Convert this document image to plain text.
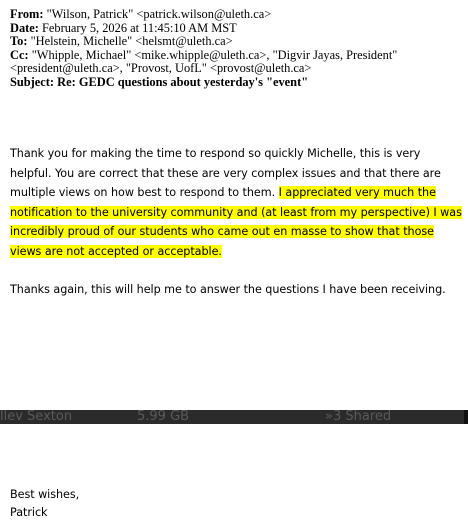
From: "Wilson, Patrick" <patrick.wilson@uleth.ca>
Date: February 5, 2026 at 11:45:10 AM MST
To: "Helstein, Michelle" <helsmt@uleth.ca>
Cc: "Whipple, Michael" <mike.whipple@uleth.ca>, "Digvir Jayas, President" <president@uleth.ca>, "Provost, UofL" <provost@uleth.ca>
Subject: Re: GEDC questions about yesterday's "event"

Thank you for making the time to respond so quickly Michelle, this is very helpful. You are correct that these are very complex issues and that there are multiple views on how best to respond to them. I appreciated very much the notification to the university community and (at least from my perspective) I was incredibly proud of our students who came out en masse to show that those views are not accepted or acceptable.

Thanks again, this will help me to answer the questions I have been receiving.

llev Sexton	5.99 GB	»3 Shared
Best wishes,
Patrick
